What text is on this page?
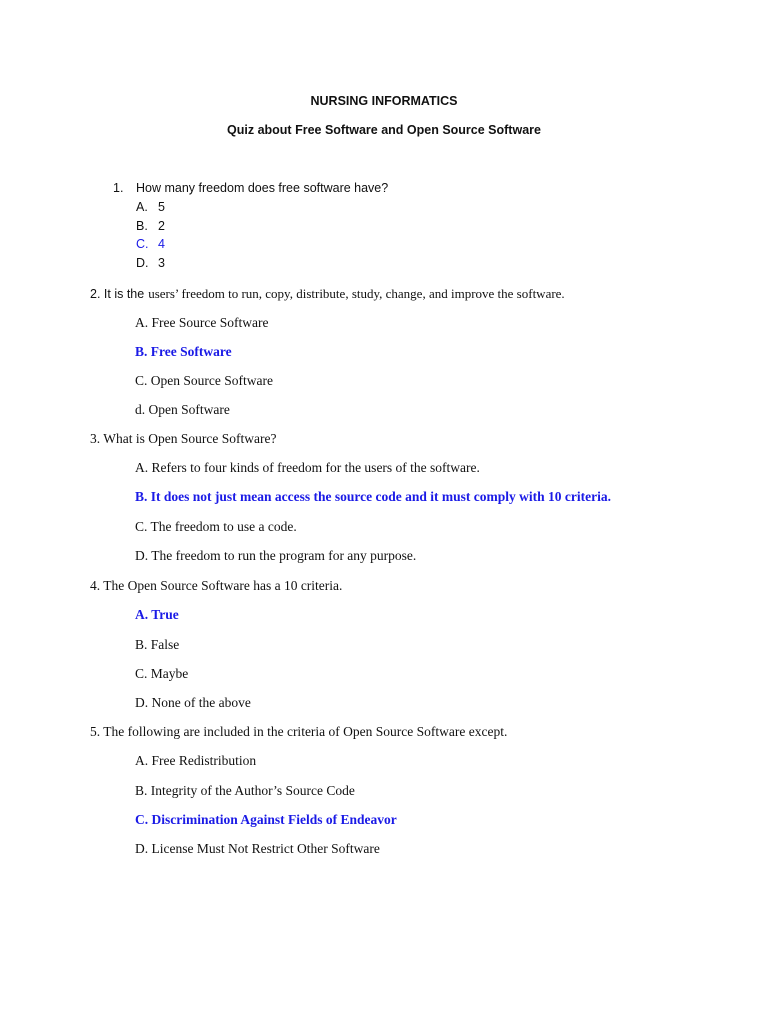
NURSING INFORMATICS
Quiz about Free Software and Open Source Software
1. How many freedom does free software have?
A. 5
B. 2
C. 4
D. 3
2. It is the users’ freedom to run, copy, distribute, study, change, and improve the software.
A. Free Source Software
B. Free Software
C. Open Source Software
d. Open Software
3. What is Open Source Software?
A. Refers to four kinds of freedom for the users of the software.
B. It does not just mean access the source code and it must comply with 10 criteria.
C. The freedom to use a code.
D. The freedom to run the program for any purpose.
4. The Open Source Software has a 10 criteria.
A. True
B. False
C. Maybe
D. None of the above
5. The following are included in the criteria of Open Source Software except.
A. Free Redistribution
B. Integrity of the Author’s Source Code
C. Discrimination Against Fields of Endeavor
D. License Must Not Restrict Other Software
